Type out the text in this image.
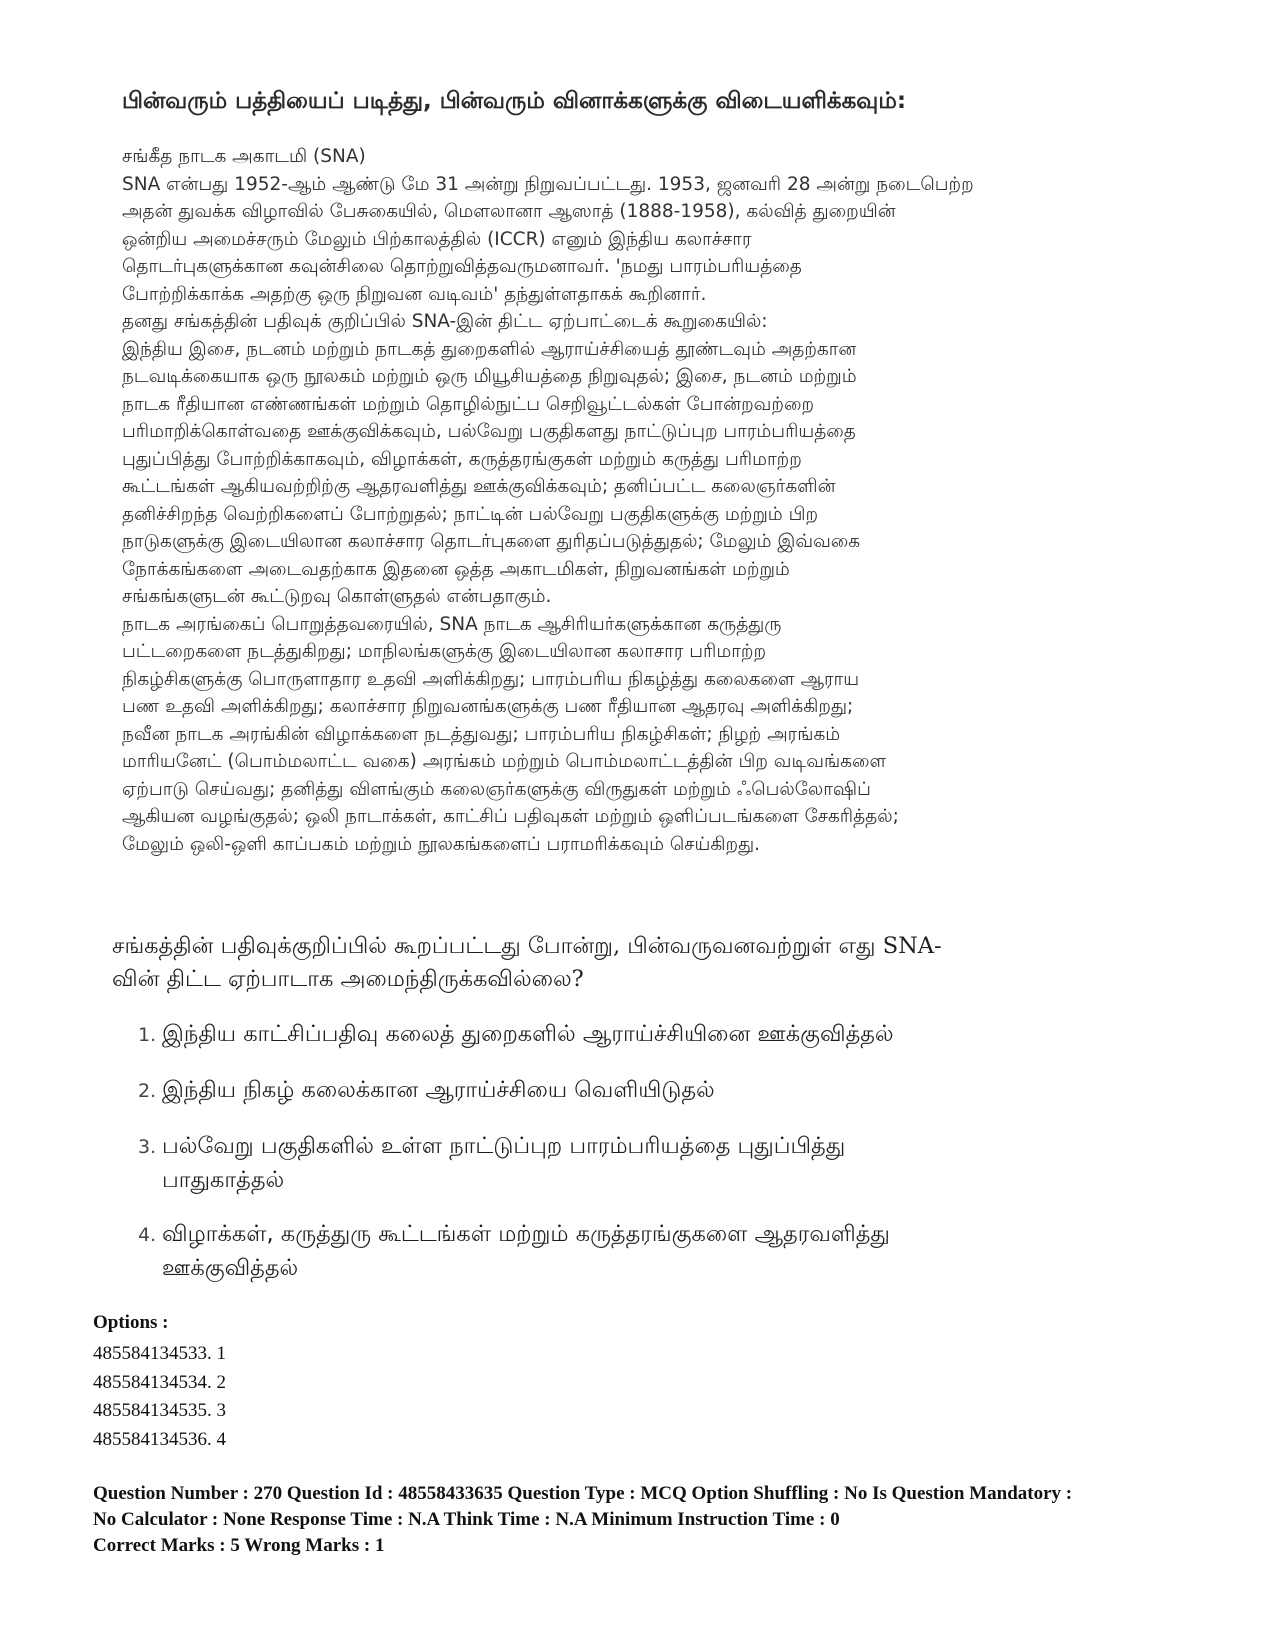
பின்வரும் பத்தியைப் படித்து, பின்வரும் வினாக்களுக்கு விடையளிக்கவும்:
சங்கீத நாடக அகாடமி (SNA)
SNA என்பது 1952-ஆம் ஆண்டு மே 31 அன்று நிறுவப்பட்டது. 1953, ஜனவரி 28 அன்று நடைபெற்ற
அதன் துவக்க விழாவில் பேசுகையில், மௌலானா ஆஸாத் (1888-1958), கல்வித் துறையின்
ஒன்றிய அமைச்சரும் மேலும் பிற்காலத்தில் (ICCR) எனும் இந்திய கலாச்சார
தொடர்புகளுக்கான கவுன்சிலை தொற்றுவித்தவருமனாவர். 'நமது பாரம்பரியத்தை
போற்றிக்காக்க அதற்கு ஒரு நிறுவன வடிவம்' தந்துள்ளதாகக் கூறினார்.
தனது சங்கத்தின் பதிவுக் குறிப்பில் SNA-இன் திட்ட ஏற்பாட்டைக் கூறுகையில்:
இந்திய இசை, நடனம் மற்றும் நாடகத் துறைகளில் ஆராய்ச்சியைத் தூண்டவும் அதற்கான
நடவடிக்கையாக ஒரு நூலகம் மற்றும் ஒரு மியூசியத்தை நிறுவுதல்; இசை, நடனம் மற்றும்
நாடக ரீதியான எண்ணங்கள் மற்றும் தொழில்நுட்ப செறிவூட்டல்கள் போன்றவற்றை
பரிமாறிக்கொள்வதை ஊக்குவிக்கவும், பல்வேறு பகுதிகளது நாட்டுப்புற பாரம்பரியத்தை
புதுப்பித்து போற்றிக்காகவும், விழாக்கள், கருத்தரங்குகள் மற்றும் கருத்து பரிமாற்ற
கூட்டங்கள் ஆகியவற்றிற்கு ஆதரவளித்து ஊக்குவிக்கவும்; தனிப்பட்ட கலைஞர்களின்
தனிச்சிறந்த வெற்றிகளைப் போற்றுதல்; நாட்டின் பல்வேறு பகுதிகளுக்கு மற்றும் பிற
நாடுகளுக்கு இடையிலான கலாச்சார தொடர்புகளை துரிதப்படுத்துதல்; மேலும் இவ்வகை
நோக்கங்களை அடைவதற்காக இதனை ஒத்த அகாடமிகள், நிறுவனங்கள் மற்றும்
சங்கங்களுடன் கூட்டுறவு கொள்ளுதல் என்பதாகும்.
நாடக அரங்கைப் பொறுத்தவரையில், SNA நாடக ஆசிரியர்களுக்கான கருத்துரு
பட்டறைகளை நடத்துகிறது; மாநிலங்களுக்கு இடையிலான கலாசார பரிமாற்ற
நிகழ்சிகளுக்கு பொருளாதார உதவி அளிக்கிறது; பாரம்பரிய நிகழ்த்து கலைகளை ஆராய
பண உதவி அளிக்கிறது; கலாச்சார நிறுவனங்களுக்கு பண ரீதியான ஆதரவு அளிக்கிறது;
நவீன நாடக அரங்கின் விழாக்களை நடத்துவது; பாரம்பரிய நிகழ்சிகள்; நிழற் அரங்கம்
மாரியனேட் (பொம்மலாட்ட வகை) அரங்கம் மற்றும் பொம்மலாட்டத்தின் பிற வடிவங்களை
ஏற்பாடு செய்வது; தனித்து விளங்கும் கலைஞர்களுக்கு விருதுகள் மற்றும் ஃபெல்லோஷிப்
ஆகியன வழங்குதல்; ஒலி நாடாக்கள், காட்சிப் பதிவுகள் மற்றும் ஒளிப்படங்களை சேகரித்தல்;
மேலும் ஒலி-ஒளி காப்பகம் மற்றும் நூலகங்களைப் பராமரிக்கவும் செய்கிறது.
சங்கத்தின் பதிவுக்குறிப்பில் கூறப்பட்டது போன்று, பின்வருவனவற்றுள் எது SNA-
வின் திட்ட ஏற்பாடாக அமைந்திருக்கவில்லை?
1. இந்திய காட்சிப்பதிவு கலைத் துறைகளில் ஆராய்ச்சியினை ஊக்குவித்தல்
2. இந்திய நிகழ் கலைக்கான ஆராய்ச்சியை வெளியிடுதல்
3. பல்வேறு பகுதிகளில் உள்ள நாட்டுப்புற பாரம்பரியத்தை புதுப்பித்து
பாதுகாத்தல்
4. விழாக்கள், கருத்துரு கூட்டங்கள் மற்றும் கருத்தரங்குகளை ஆதரவளித்து
ஊக்குவித்தல்
Options :
485584134533. 1
485584134534. 2
485584134535. 3
485584134536. 4
Question Number : 270 Question Id : 48558433635 Question Type : MCQ Option Shuffling : No Is Question Mandatory :
No Calculator : None Response Time : N.A Think Time : N.A Minimum Instruction Time : 0
Correct Marks : 5 Wrong Marks : 1
